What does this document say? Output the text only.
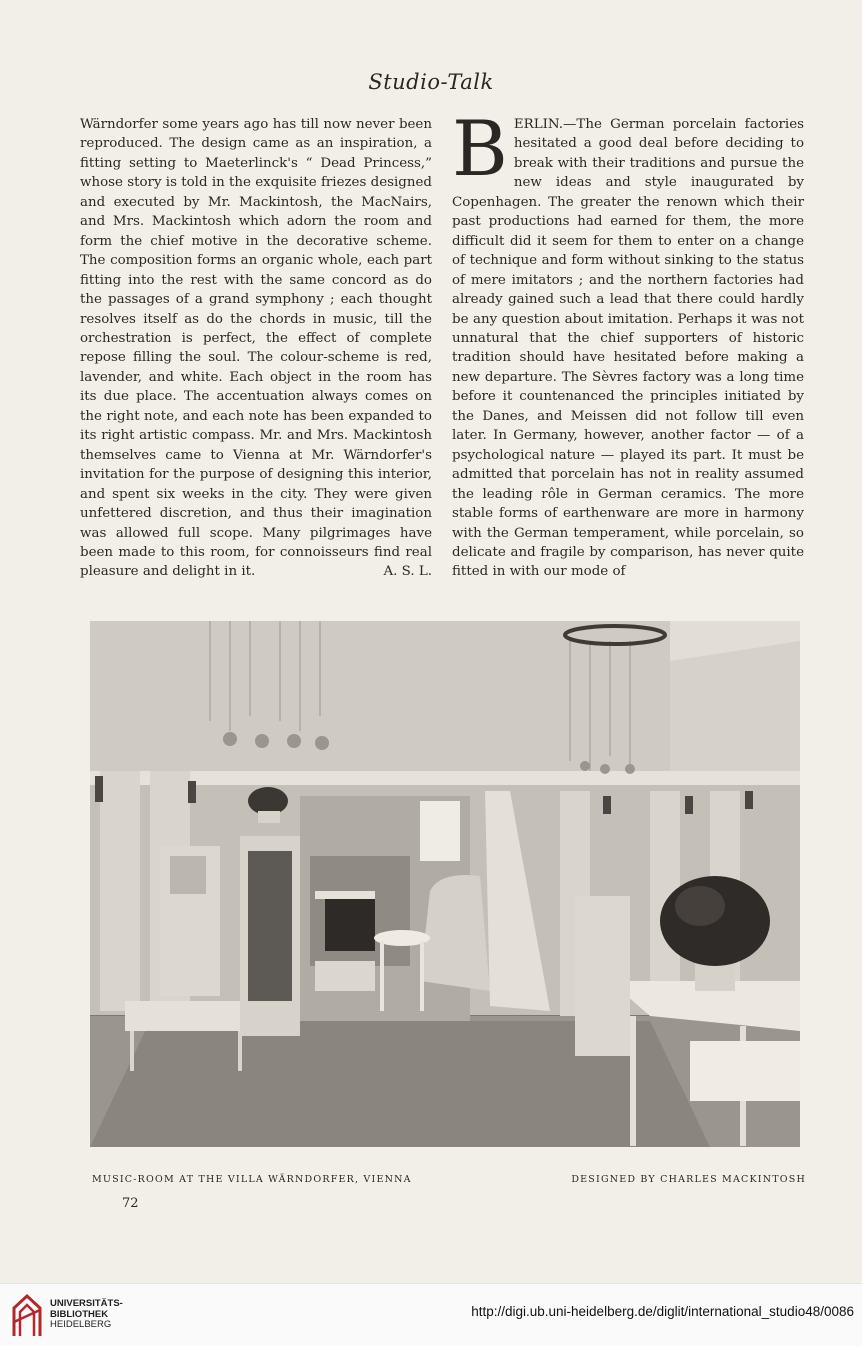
Studio-Talk

Wärndorfer some years ago has till now never been reproduced. The design came as an inspiration, a fitting setting to Maeterlinck's “ Dead Princess,” whose story is told in the exquisite friezes designed and executed by Mr. Mackintosh, the MacNairs, and Mrs. Mackintosh which adorn the room and form the chief motive in the decorative scheme. The composition forms an organic whole, each part fitting into the rest with the same concord as do the passages of a grand symphony ; each thought resolves itself as do the chords in music, till the orchestration is perfect, the effect of complete repose filling the soul. The colour-scheme is red, lavender, and white. Each object in the room has its due place. The accentuation always comes on the right note, and each note has been expanded to its right artistic compass. Mr. and Mrs. Mackintosh themselves came to Vienna at Mr. Wärndorfer's invitation for the purpose of designing this interior, and spent six weeks in the city. They were given unfettered discretion, and thus their imagination was allowed full scope. Many pilgrimages have been made to this room, for connoisseurs find real pleasure and delight in it.	A. S. L.

BERLIN.—The German porcelain factories hesitated a good deal before deciding to break with their traditions and pursue the new ideas and style inaugurated by Copenhagen. The greater the renown which their past productions had earned for them, the more difficult did it seem for them to enter on a change of technique and form without sinking to the status of mere imitators ; and the northern factories had already gained such a lead that there could hardly be any question about imitation. Perhaps it was not unnatural that the chief supporters of historic tradition should have hesitated before making a new departure. The Sèvres factory was a long time before it countenanced the principles initiated by the Danes, and Meissen did not follow till even later. In Germany, however, another factor — of a psychological nature — played its part. It must be admitted that porcelain has not in reality assumed the leading rôle in German ceramics. The more stable forms of earthenware are more in harmony with the German temperament, while porcelain, so delicate and fragile by comparison, has never quite fitted in with our mode of

MUSIC-ROOM AT THE VILLA WÄRNDORFER, VIENNA	DESIGNED BY CHARLES MACKINTOSH
72
UNIVERSITÄTS-
BIBLIOTHEK
HEIDELBERG
http://digi.ub.uni-heidelberg.de/diglit/international_studio48/0086
